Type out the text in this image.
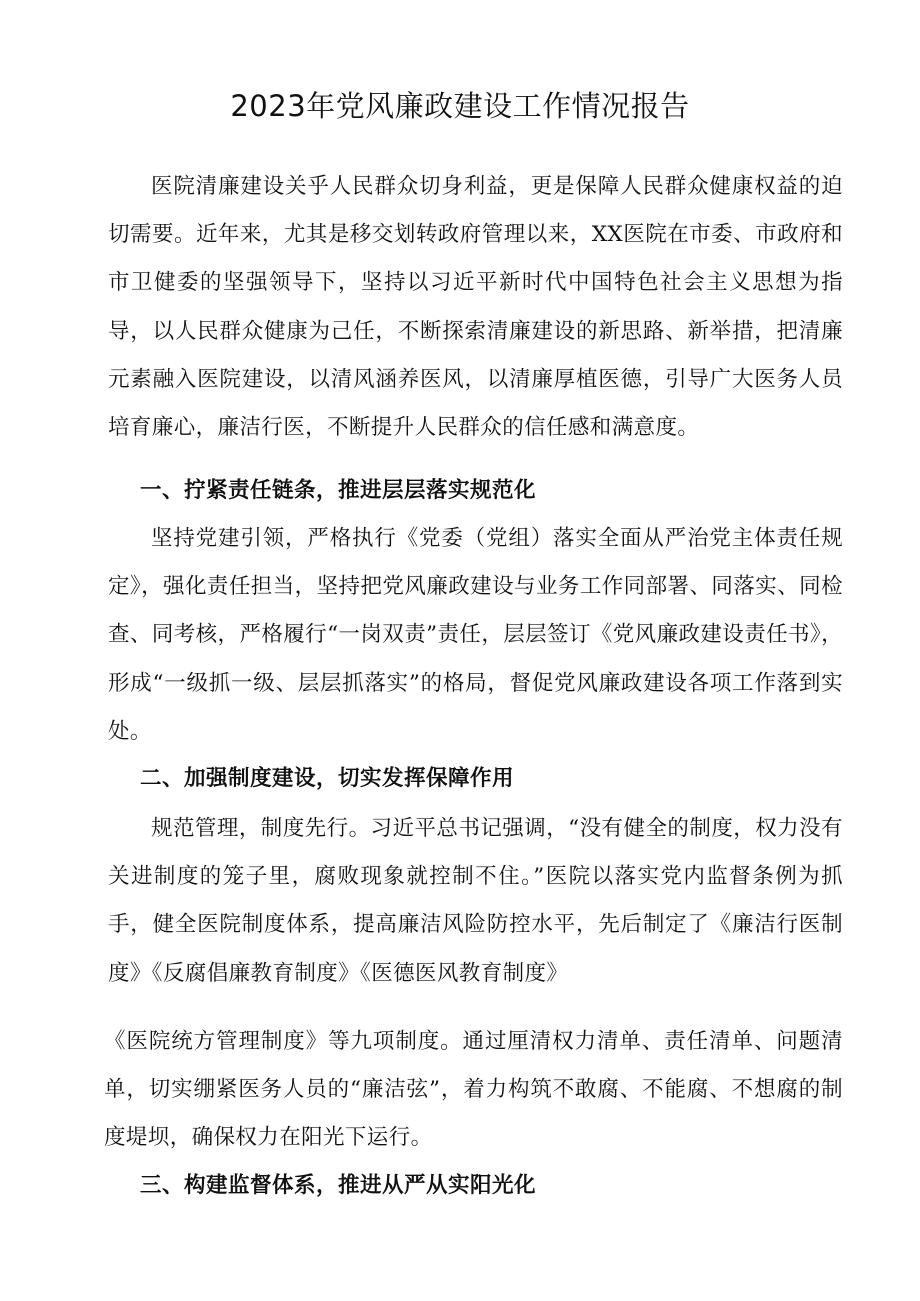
2023年党风廉政建设工作情况报告

医院清廉建设关乎人民群众切身利益，更是保障人民群众健康权益的迫切需要。近年来，尤其是移交划转政府管理以来，XX医院在市委、市政府和市卫健委的坚强领导下，坚持以习近平新时代中国特色社会主义思想为指导，以人民群众健康为己任，不断探索清廉建设的新思路、新举措，把清廉元素融入医院建设，以清风涵养医风，以清廉厚植医德，引导广大医务人员培育廉心，廉洁行医，不断提升人民群众的信任感和满意度。

一、拧紧责任链条，推进层层落实规范化

坚持党建引领，严格执行《党委（党组）落实全面从严治党主体责任规定》，强化责任担当，坚持把党风廉政建设与业务工作同部署、同落实、同检查、同考核，严格履行“一岗双责”责任，层层签订《党风廉政建设责任书》，形成“一级抓一级、层层抓落实”的格局，督促党风廉政建设各项工作落到实处。

二、加强制度建设，切实发挥保障作用

规范管理，制度先行。习近平总书记强调，“没有健全的制度，权力没有关进制度的笼子里，腐败现象就控制不住。”医院以落实党内监督条例为抓手，健全医院制度体系，提高廉洁风险防控水平，先后制定了《廉洁行医制度》《反腐倡廉教育制度》《医德医风教育制度》

《医院统方管理制度》等九项制度。通过厘清权力清单、责任清单、问题清单，切实绷紧医务人员的“廉洁弦”，着力构筑不敢腐、不能腐、不想腐的制度堤坝，确保权力在阳光下运行。

三、构建监督体系，推进从严从实阳光化
